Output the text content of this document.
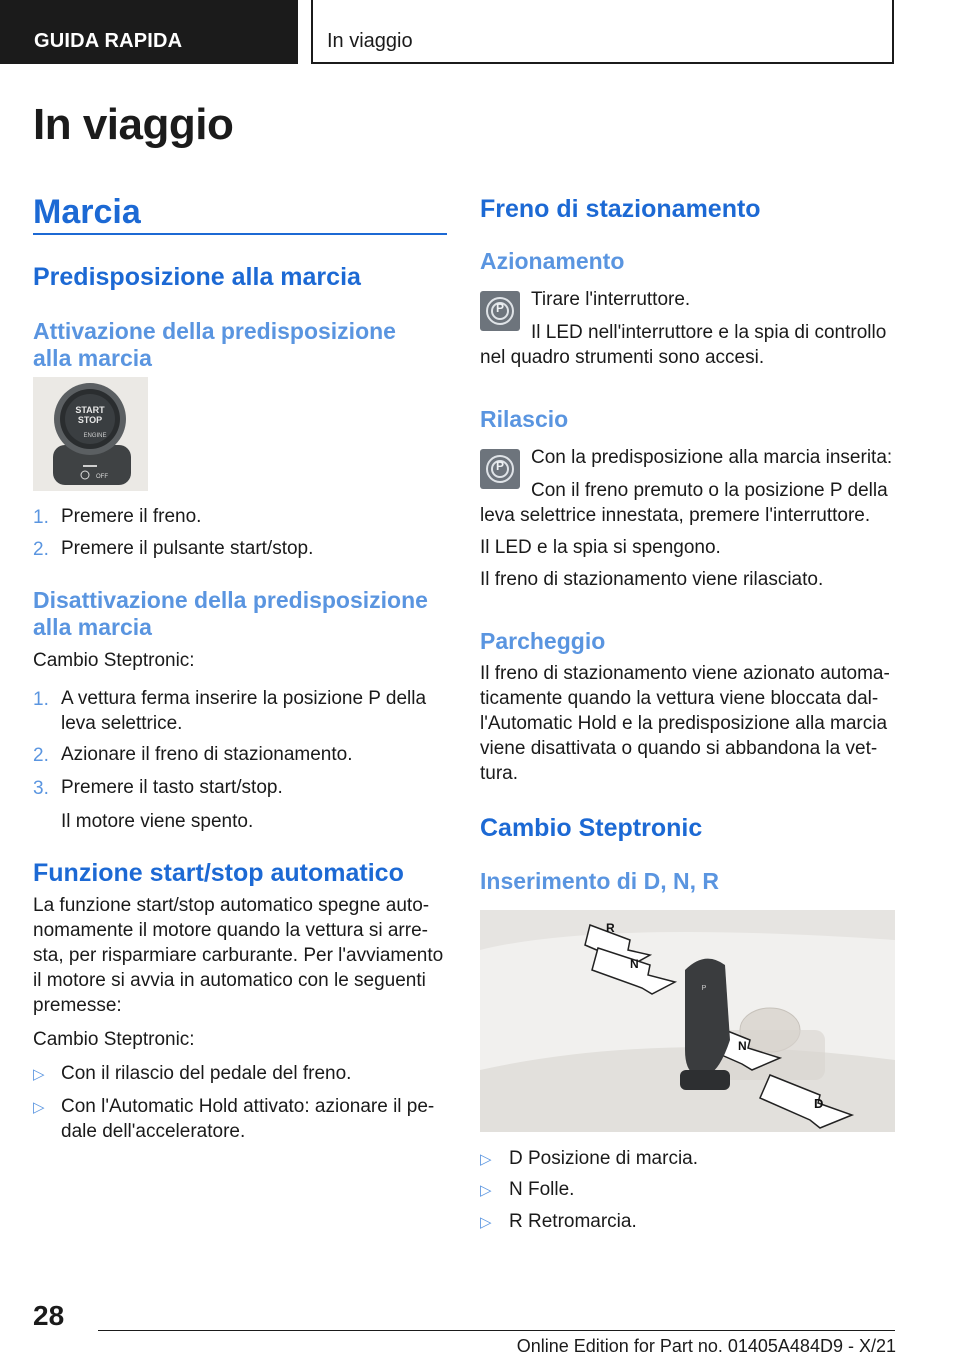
GUIDA RAPIDA	In viaggio
In viaggio
Marcia
Predisposizione alla marcia
Attivazione della predisposizione
alla marcia
START
STOP
ENGINE
OFF
1. Premere il freno.
2. Premere il pulsante start/stop.
Disattivazione della predisposizione
alla marcia

Cambio Steptronic:

1. A vettura ferma inserire la posizione P della
leva selettrice.
2. Azionare il freno di stazionamento.
3. Premere il tasto start/stop.
Il motore viene spento.
Funzione start/stop automatico
La funzione start/stop automatico spegne auto-
nomamente il motore quando la vettura si arre-
sta, per risparmiare carburante. Per l'avviamento
il motore si avvia in automatico con le seguenti
premesse:

Cambio Steptronic:

▷ Con il rilascio del pedale del freno.
▷ Con l'Automatic Hold attivato: azionare il pe-
dale dell'acceleratore.
Freno di stazionamento
Azionamento
P	Tirare l'interruttore.
Il LED nell'interruttore e la spia di controllo
nel quadro strumenti sono accesi.
Rilascio
P	Con la predisposizione alla marcia inserita:
Con il freno premuto o la posizione P della
leva selettrice innestata, premere l'interruttore.
Il LED e la spia si spengono.
Il freno di stazionamento viene rilasciato.
Parcheggio
Il freno di stazionamento viene azionato automa-
ticamente quando la vettura viene bloccata dal-
l'Automatic Hold e la predisposizione alla marcia
viene disattivata o quando si abbandona la vet-
tura.
Cambio Steptronic
Inserimento di D, N, R
P
R
N
N
D
▷ D Posizione di marcia.
▷ N Folle.
▷ R Retromarcia.
28
Online Edition for Part no. 01405A484D9 - X/21
